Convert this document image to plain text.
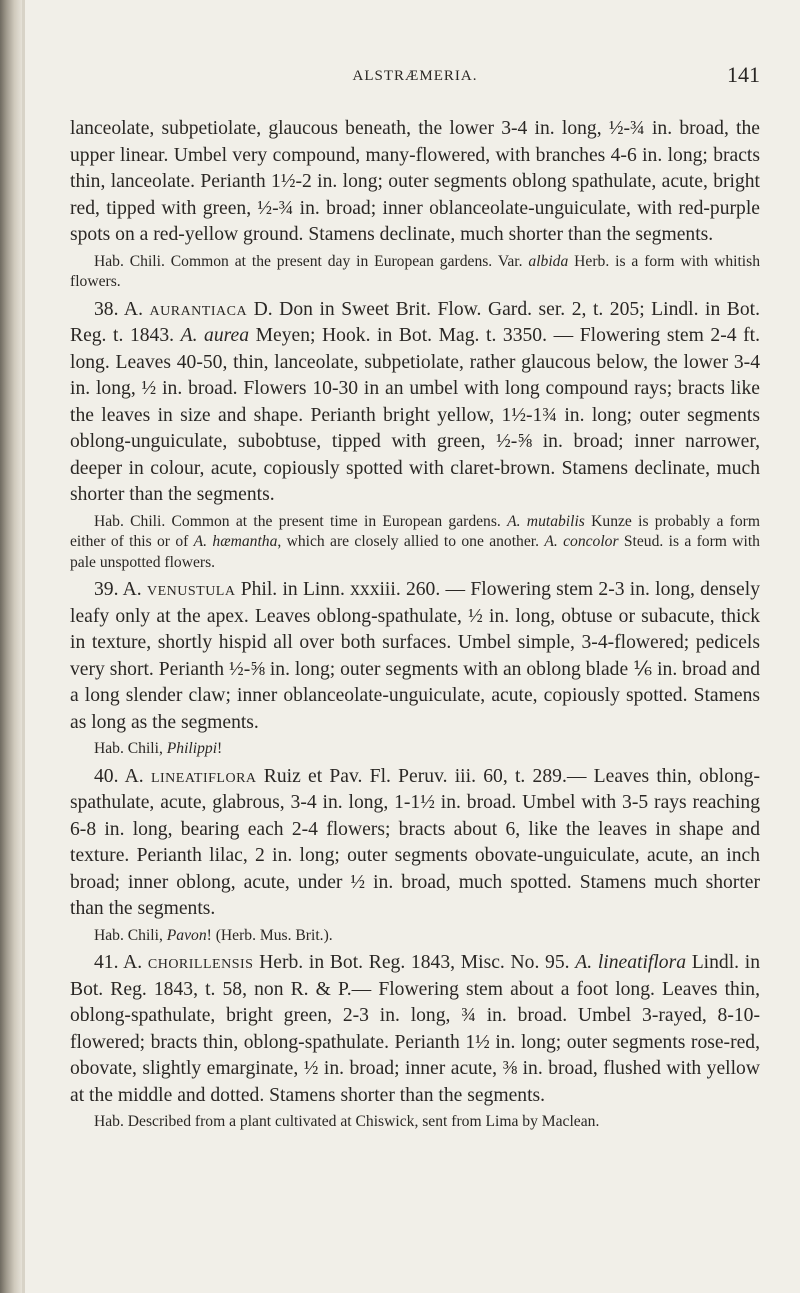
ALSTRÆMERIA.	141

lanceolate, subpetiolate, glaucous beneath, the lower 3-4 in. long, ½-¾ in. broad, the upper linear. Umbel very compound, many-flowered, with branches 4-6 in. long; bracts thin, lanceolate. Perianth 1½-2 in. long; outer segments oblong spathulate, acute, bright red, tipped with green, ½-¾ in. broad; inner oblanceolate-unguiculate, with red-purple spots on a red-yellow ground. Stamens declinate, much shorter than the segments.

Hab. Chili. Common at the present day in European gardens. Var. albida Herb. is a form with whitish flowers.

38. A. aurantiaca D. Don in Sweet Brit. Flow. Gard. ser. 2, t. 205; Lindl. in Bot. Reg. t. 1843. A. aurea Meyen; Hook. in Bot. Mag. t. 3350. — Flowering stem 2-4 ft. long. Leaves 40-50, thin, lanceolate, subpetiolate, rather glaucous below, the lower 3-4 in. long, ½ in. broad. Flowers 10-30 in an umbel with long compound rays; bracts like the leaves in size and shape. Perianth bright yellow, 1½-1¾ in. long; outer segments oblong-unguiculate, subobtuse, tipped with green, ½-⅝ in. broad; inner narrower, deeper in colour, acute, copiously spotted with claret-brown. Stamens declinate, much shorter than the segments.

Hab. Chili. Common at the present time in European gardens. A. mutabilis Kunze is probably a form either of this or of A. hæmantha, which are closely allied to one another. A. concolor Steud. is a form with pale unspotted flowers.

39. A. venustula Phil. in Linn. xxxiii. 260. — Flowering stem 2-3 in. long, densely leafy only at the apex. Leaves oblong-spathulate, ½ in. long, obtuse or subacute, thick in texture, shortly hispid all over both surfaces. Umbel simple, 3-4-flowered; pedicels very short. Perianth ½-⅝ in. long; outer segments with an oblong blade ⅙ in. broad and a long slender claw; inner oblanceolate-unguiculate, acute, copiously spotted. Stamens as long as the segments.

Hab. Chili, Philippi!

40. A. lineatiflora Ruiz et Pav. Fl. Peruv. iii. 60, t. 289.— Leaves thin, oblong-spathulate, acute, glabrous, 3-4 in. long, 1-1½ in. broad. Umbel with 3-5 rays reaching 6-8 in. long, bearing each 2-4 flowers; bracts about 6, like the leaves in shape and texture. Perianth lilac, 2 in. long; outer segments obovate-unguiculate, acute, an inch broad; inner oblong, acute, under ½ in. broad, much spotted. Stamens much shorter than the segments.

Hab. Chili, Pavon! (Herb. Mus. Brit.).

41. A. chorillensis Herb. in Bot. Reg. 1843, Misc. No. 95. A. lineatiflora Lindl. in Bot. Reg. 1843, t. 58, non R. & P.— Flowering stem about a foot long. Leaves thin, oblong-spathulate, bright green, 2-3 in. long, ¾ in. broad. Umbel 3-rayed, 8-10-flowered; bracts thin, oblong-spathulate. Perianth 1½ in. long; outer segments rose-red, obovate, slightly emarginate, ½ in. broad; inner acute, ⅜ in. broad, flushed with yellow at the middle and dotted. Stamens shorter than the segments.

Hab. Described from a plant cultivated at Chiswick, sent from Lima by Maclean.
